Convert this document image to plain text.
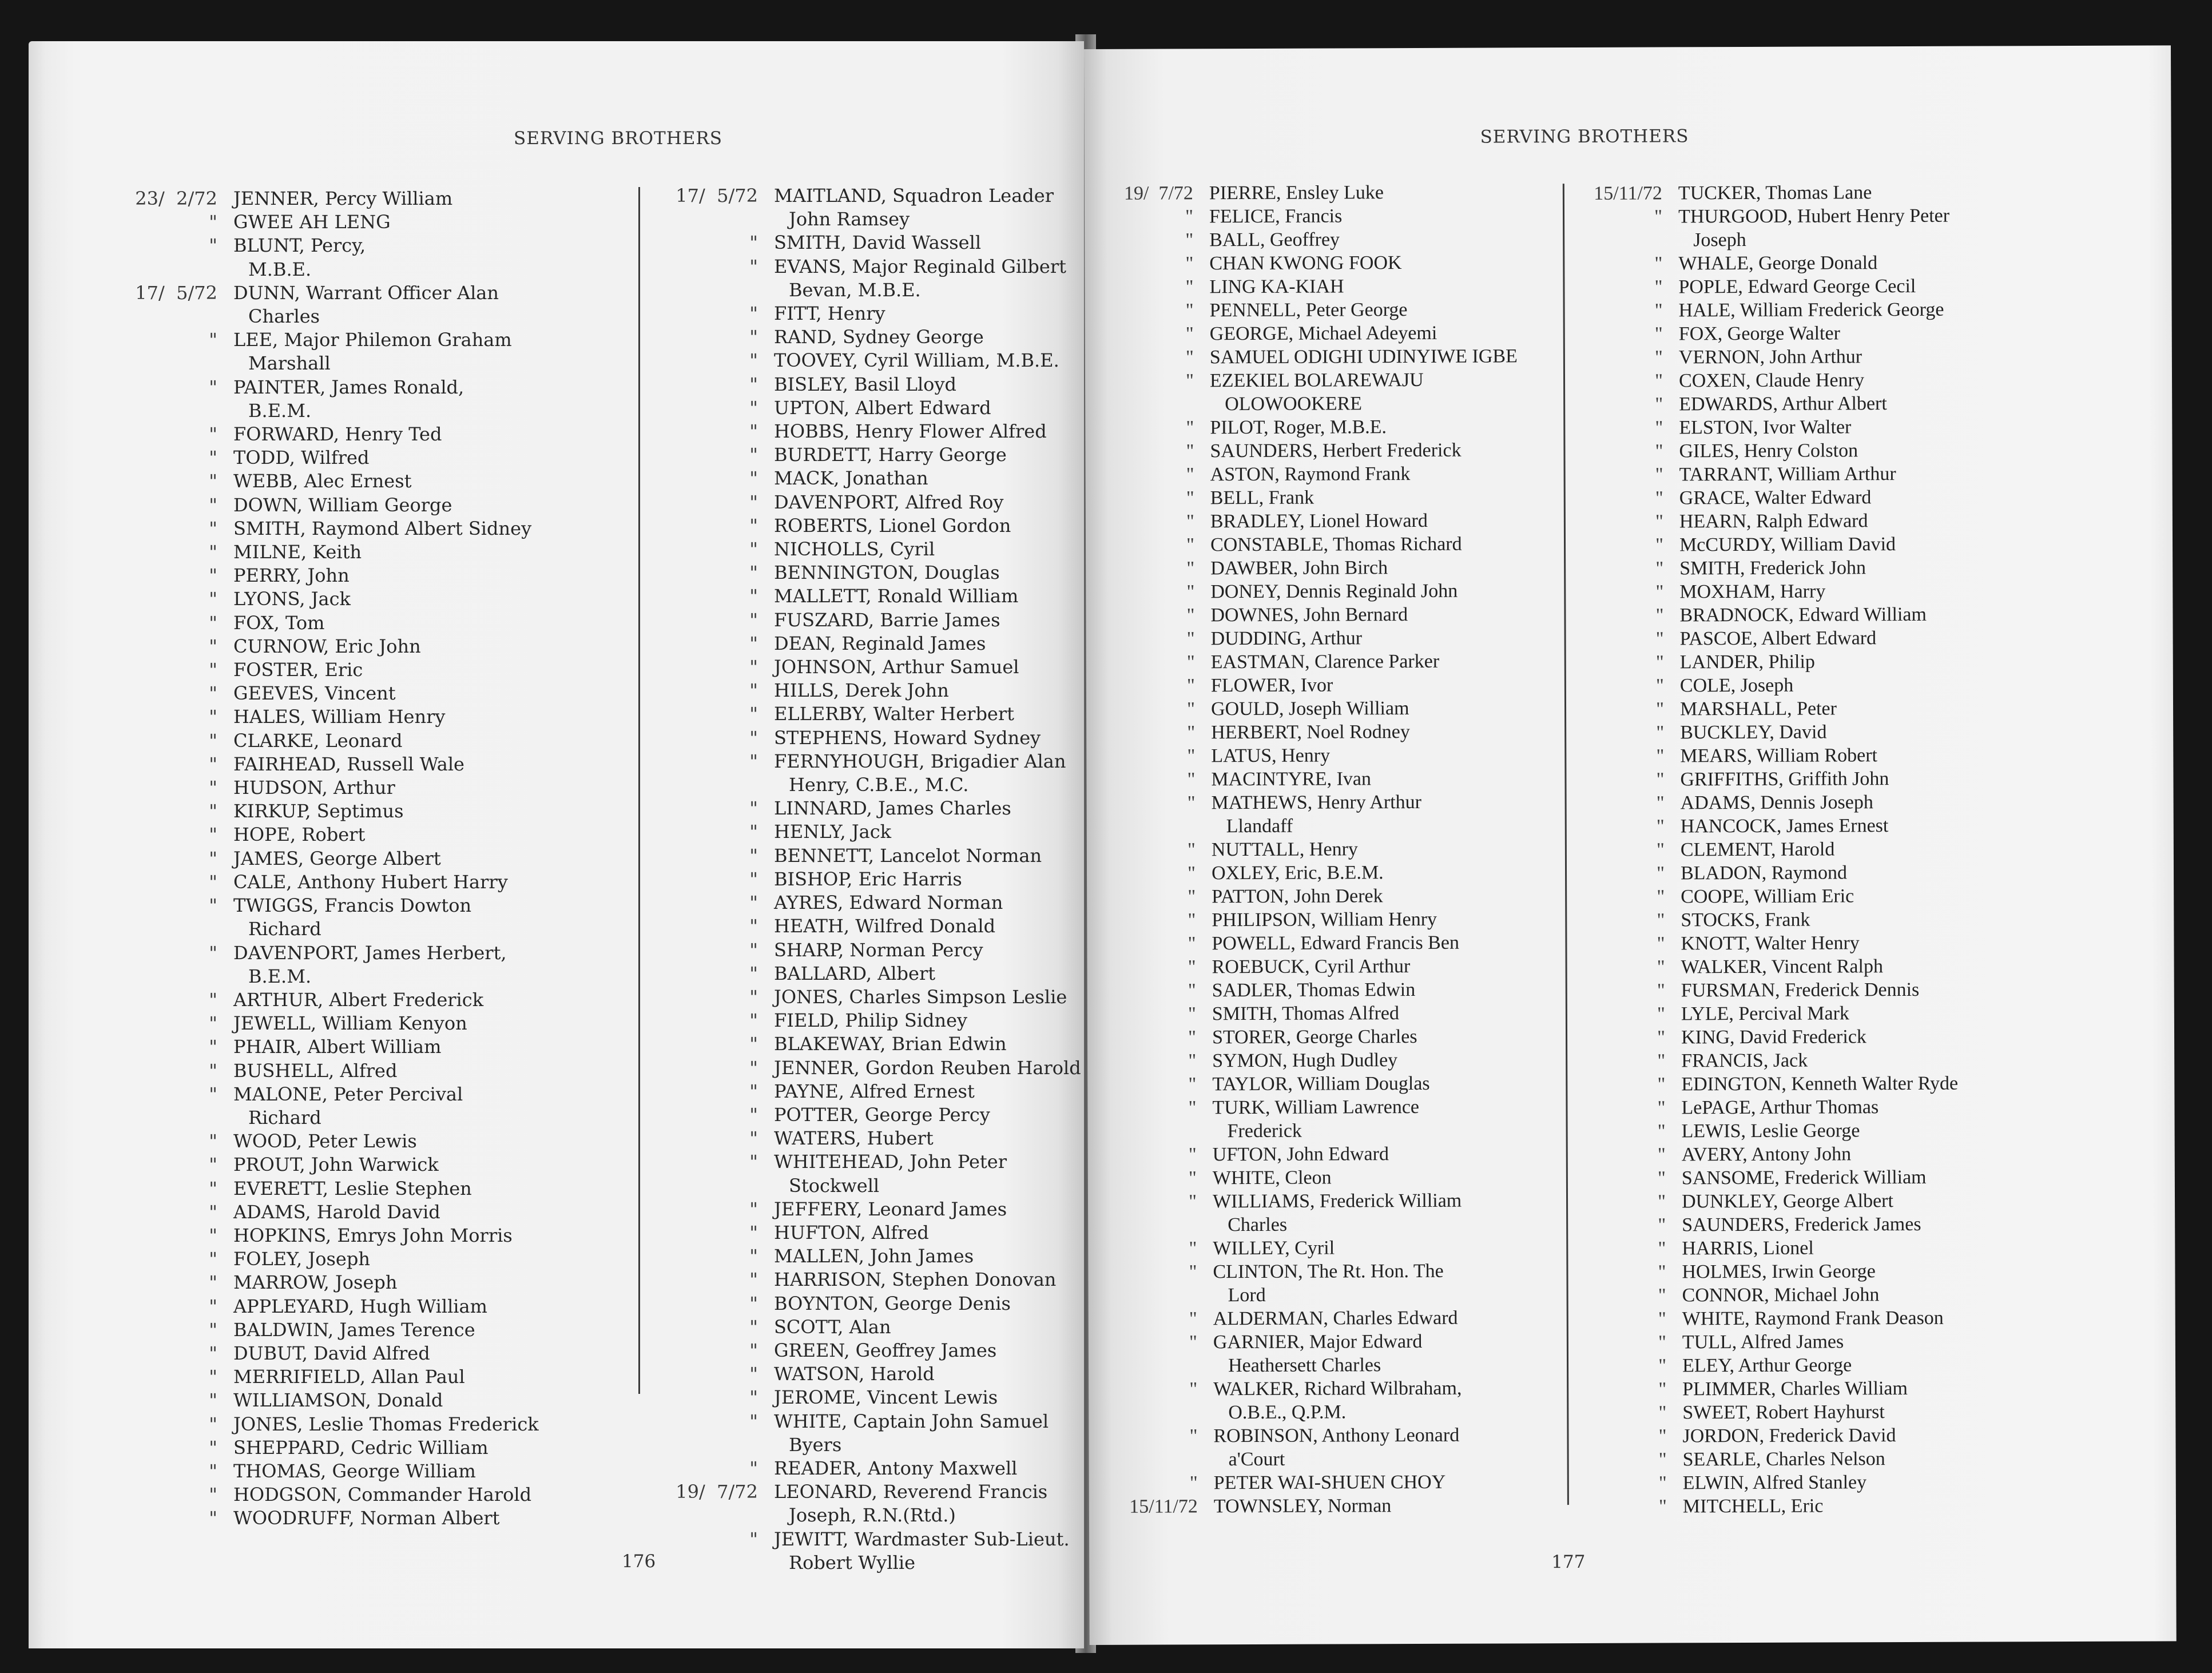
SERVING BROTHERS
23/  2/72 JENNER, Percy William
" GWEE AH LENG
" BLUNT, Percy,
M.B.E.
17/  5/72 DUNN, Warrant Officer Alan
Charles
" LEE, Major Philemon Graham
Marshall
" PAINTER, James Ronald,
B.E.M.
" FORWARD, Henry Ted
" TODD, Wilfred
" WEBB, Alec Ernest
" DOWN, William George
" SMITH, Raymond Albert Sidney
" MILNE, Keith
" PERRY, John
" LYONS, Jack
" FOX, Tom
" CURNOW, Eric John
" FOSTER, Eric
" GEEVES, Vincent
" HALES, William Henry
" CLARKE, Leonard
" FAIRHEAD, Russell Wale
" HUDSON, Arthur
" KIRKUP, Septimus
" HOPE, Robert
" JAMES, George Albert
" CALE, Anthony Hubert Harry
" TWIGGS, Francis Dowton
Richard
" DAVENPORT, James Herbert,
B.E.M.
" ARTHUR, Albert Frederick
" JEWELL, William Kenyon
" PHAIR, Albert William
" BUSHELL, Alfred
" MALONE, Peter Percival
Richard
" WOOD, Peter Lewis
" PROUT, John Warwick
" EVERETT, Leslie Stephen
" ADAMS, Harold David
" HOPKINS, Emrys John Morris
" FOLEY, Joseph
" MARROW, Joseph
" APPLEYARD, Hugh William
" BALDWIN, James Terence
" DUBUT, David Alfred
" MERRIFIELD, Allan Paul
" WILLIAMSON, Donald
" JONES, Leslie Thomas Frederick
" SHEPPARD, Cedric William
" THOMAS, George William
" HODGSON, Commander Harold
" WOODRUFF, Norman Albert
17/  5/72 MAITLAND, Squadron Leader
John Ramsey
" SMITH, David Wassell
" EVANS, Major Reginald Gilbert
Bevan, M.B.E.
" FITT, Henry
" RAND, Sydney George
" TOOVEY, Cyril William, M.B.E.
" BISLEY, Basil Lloyd
" UPTON, Albert Edward
" HOBBS, Henry Flower Alfred
" BURDETT, Harry George
" MACK, Jonathan
" DAVENPORT, Alfred Roy
" ROBERTS, Lionel Gordon
" NICHOLLS, Cyril
" BENNINGTON, Douglas
" MALLETT, Ronald William
" FUSZARD, Barrie James
" DEAN, Reginald James
" JOHNSON, Arthur Samuel
" HILLS, Derek John
" ELLERBY, Walter Herbert
" STEPHENS, Howard Sydney
" FERNYHOUGH, Brigadier Alan
Henry, C.B.E., M.C.
" LINNARD, James Charles
" HENLY, Jack
" BENNETT, Lancelot Norman
" BISHOP, Eric Harris
" AYRES, Edward Norman
" HEATH, Wilfred Donald
" SHARP, Norman Percy
" BALLARD, Albert
" JONES, Charles Simpson Leslie
" FIELD, Philip Sidney
" BLAKEWAY, Brian Edwin
" JENNER, Gordon Reuben Harold
" PAYNE, Alfred Ernest
" POTTER, George Percy
" WATERS, Hubert
" WHITEHEAD, John Peter Stockwell
" JEFFERY, Leonard James
" HUFTON, Alfred
" MALLEN, John James
" HARRISON, Stephen Donovan
" BOYNTON, George Denis
" SCOTT, Alan
" GREEN, Geoffrey James
" WATSON, Harold
" JEROME, Vincent Lewis
" WHITE, Captain John Samuel Byers
" READER, Antony Maxwell
19/  7/72 LEONARD, Reverend Francis
Joseph, R.N.(Rtd.)
" JEWITT, Wardmaster Sub-Lieut.
Robert Wyllie
176
SERVING BROTHERS
19/  7/72 PIERRE, Ensley Luke
" FELICE, Francis
" BALL, Geoffrey
" CHAN KWONG FOOK
" LING KA-KIAH
" PENNELL, Peter George
" GEORGE, Michael Adeyemi
" SAMUEL ODIGHI UDINYIWE IGBE
" EZEKIEL BOLAREWAJU
OLOWOOKERE
" PILOT, Roger, M.B.E.
" SAUNDERS, Herbert Frederick
" ASTON, Raymond Frank
" BELL, Frank
" BRADLEY, Lionel Howard
" CONSTABLE, Thomas Richard
" DAWBER, John Birch
" DONEY, Dennis Reginald John
" DOWNES, John Bernard
" DUDDING, Arthur
" EASTMAN, Clarence Parker
" FLOWER, Ivor
" GOULD, Joseph William
" HERBERT, Noel Rodney
" LATUS, Henry
" MACINTYRE, Ivan
" MATHEWS, Henry Arthur
Llandaff
" NUTTALL, Henry
" OXLEY, Eric, B.E.M.
" PATTON, John Derek
" PHILIPSON, William Henry
" POWELL, Edward Francis Ben
" ROEBUCK, Cyril Arthur
" SADLER, Thomas Edwin
" SMITH, Thomas Alfred
" STORER, George Charles
" SYMON, Hugh Dudley
" TAYLOR, William Douglas
" TURK, William Lawrence
Frederick
" UFTON, John Edward
" WHITE, Cleon
" WILLIAMS, Frederick William
Charles
" WILLEY, Cyril
" CLINTON, The Rt. Hon. The
Lord
" ALDERMAN, Charles Edward
" GARNIER, Major Edward
Heathersett Charles
" WALKER, Richard Wilbraham,
O.B.E., Q.P.M.
" ROBINSON, Anthony Leonard
a'Court
" PETER WAI-SHUEN CHOY
15/11/72 TOWNSLEY, Norman
15/11/72 TUCKER, Thomas Lane
" THURGOOD, Hubert Henry Peter
Joseph
" WHALE, George Donald
" POPLE, Edward George Cecil
" HALE, William Frederick George
" FOX, George Walter
" VERNON, John Arthur
" COXEN, Claude Henry
" EDWARDS, Arthur Albert
" ELSTON, Ivor Walter
" GILES, Henry Colston
" TARRANT, William Arthur
" GRACE, Walter Edward
" HEARN, Ralph Edward
" McCURDY, William David
" SMITH, Frederick John
" MOXHAM, Harry
" BRADNOCK, Edward William
" PASCOE, Albert Edward
" LANDER, Philip
" COLE, Joseph
" MARSHALL, Peter
" BUCKLEY, David
" MEARS, William Robert
" GRIFFITHS, Griffith John
" ADAMS, Dennis Joseph
" HANCOCK, James Ernest
" CLEMENT, Harold
" BLADON, Raymond
" COOPE, William Eric
" STOCKS, Frank
" KNOTT, Walter Henry
" WALKER, Vincent Ralph
" FURSMAN, Frederick Dennis
" LYLE, Percival Mark
" KING, David Frederick
" FRANCIS, Jack
" EDINGTON, Kenneth Walter Ryde
" LePAGE, Arthur Thomas
" LEWIS, Leslie George
" AVERY, Antony John
" SANSOME, Frederick William
" DUNKLEY, George Albert
" SAUNDERS, Frederick James
" HARRIS, Lionel
" HOLMES, Irwin George
" CONNOR, Michael John
" WHITE, Raymond Frank Deason
" TULL, Alfred James
" ELEY, Arthur George
" PLIMMER, Charles William
" SWEET, Robert Hayhurst
" JORDON, Frederick David
" SEARLE, Charles Nelson
" ELWIN, Alfred Stanley
" MITCHELL, Eric
177
